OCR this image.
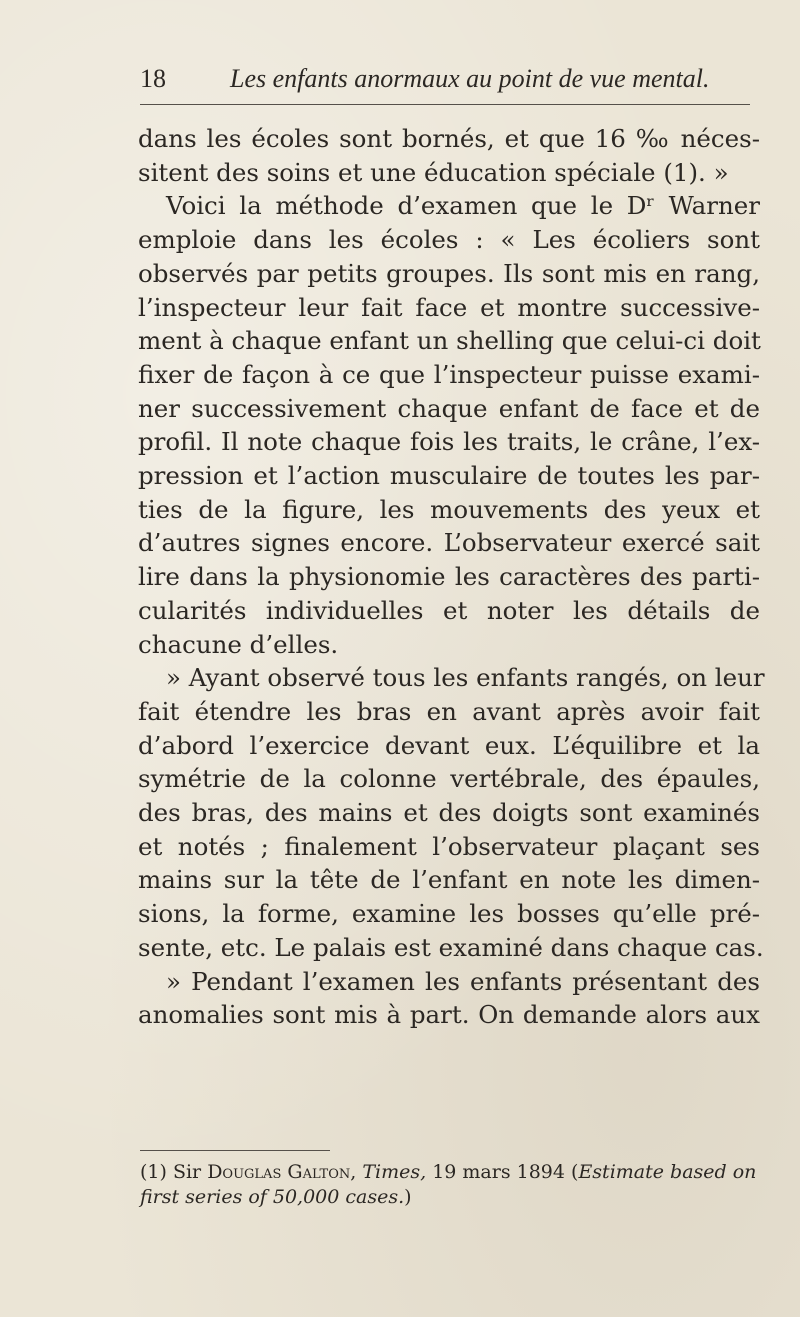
18 Les enfants anormaux au point de vue mental.
dans les écoles sont bornés, et que 16 ‰ néces-
sitent des soins et une éducation spéciale (1). »
Voici la méthode d’examen que le Dʳ Warner
emploie dans les écoles : « Les écoliers sont
observés par petits groupes. Ils sont mis en rang,
l’inspecteur leur fait face et montre successive-
ment à chaque enfant un shelling que celui-ci doit
fixer de façon à ce que l’inspecteur puisse exami-
ner successivement chaque enfant de face et de
profil. Il note chaque fois les traits, le crâne, l’ex-
pression et l’action musculaire de toutes les par-
ties de la figure, les mouvements des yeux et
d’autres signes encore. L’observateur exercé sait
lire dans la physionomie les caractères des parti-
cularités individuelles et noter les détails de
chacune d’elles.
» Ayant observé tous les enfants rangés, on leur
fait étendre les bras en avant après avoir fait
d’abord l’exercice devant eux. L’équilibre et la
symétrie de la colonne vertébrale, des épaules,
des bras, des mains et des doigts sont examinés
et notés ; finalement l’observateur plaçant ses
mains sur la tête de l’enfant en note les dimen-
sions, la forme, examine les bosses qu’elle pré-
sente, etc. Le palais est examiné dans chaque cas.
» Pendant l’examen les enfants présentant des
anomalies sont mis à part. On demande alors aux
(1) Sir Douglas Galton, Times, 19 mars 1894 (Estimate based on
first series of 50,000 cases.)
